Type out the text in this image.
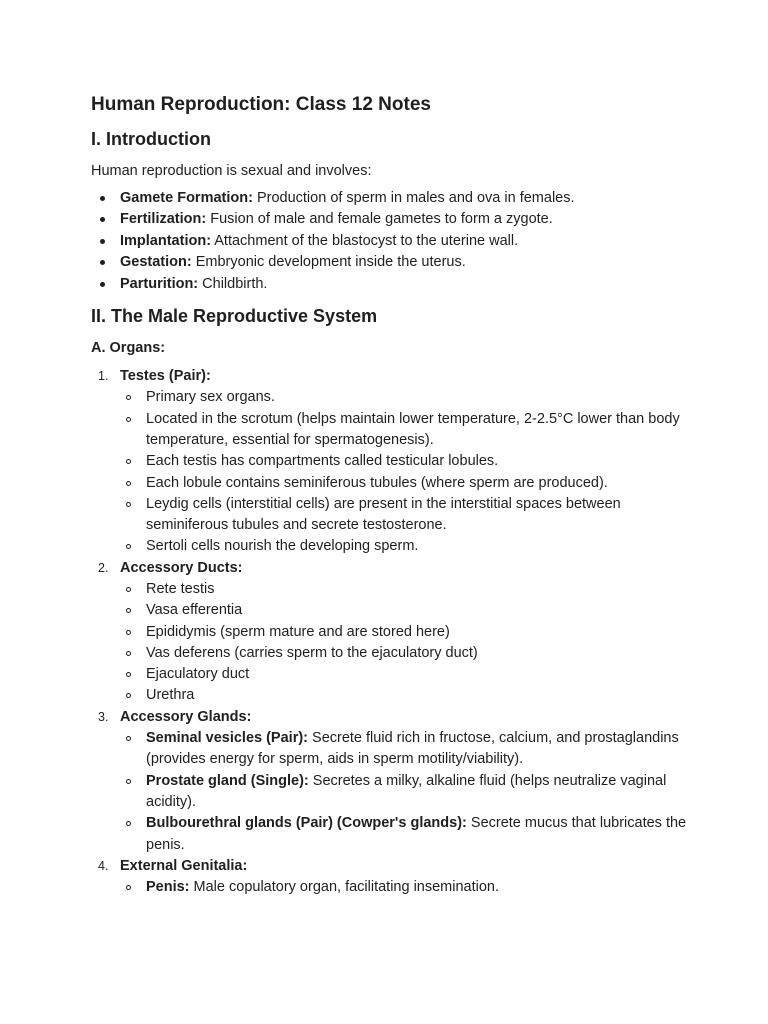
Human Reproduction: Class 12 Notes
I. Introduction

Human reproduction is sexual and involves:

Gamete Formation: Production of sperm in males and ova in females.
Fertilization: Fusion of male and female gametes to form a zygote.
Implantation: Attachment of the blastocyst to the uterine wall.
Gestation: Embryonic development inside the uterus.
Parturition: Childbirth.
II. The Male Reproductive System

A. Organs:

1. Testes (Pair):
Primary sex organs.
Located in the scrotum (helps maintain lower temperature, 2-2.5°C lower than body temperature, essential for spermatogenesis).
Each testis has compartments called testicular lobules.
Each lobule contains seminiferous tubules (where sperm are produced).
Leydig cells (interstitial cells) are present in the interstitial spaces between seminiferous tubules and secrete testosterone.
Sertoli cells nourish the developing sperm.
2. Accessory Ducts:
Rete testis
Vasa efferentia
Epididymis (sperm mature and are stored here)
Vas deferens (carries sperm to the ejaculatory duct)
Ejaculatory duct
Urethra
3. Accessory Glands:
Seminal vesicles (Pair): Secrete fluid rich in fructose, calcium, and prostaglandins (provides energy for sperm, aids in sperm motility/viability).
Prostate gland (Single): Secretes a milky, alkaline fluid (helps neutralize vaginal acidity).
Bulbourethral glands (Pair) (Cowper's glands): Secrete mucus that lubricates the penis.
4. External Genitalia:
Penis: Male copulatory organ, facilitating insemination.
